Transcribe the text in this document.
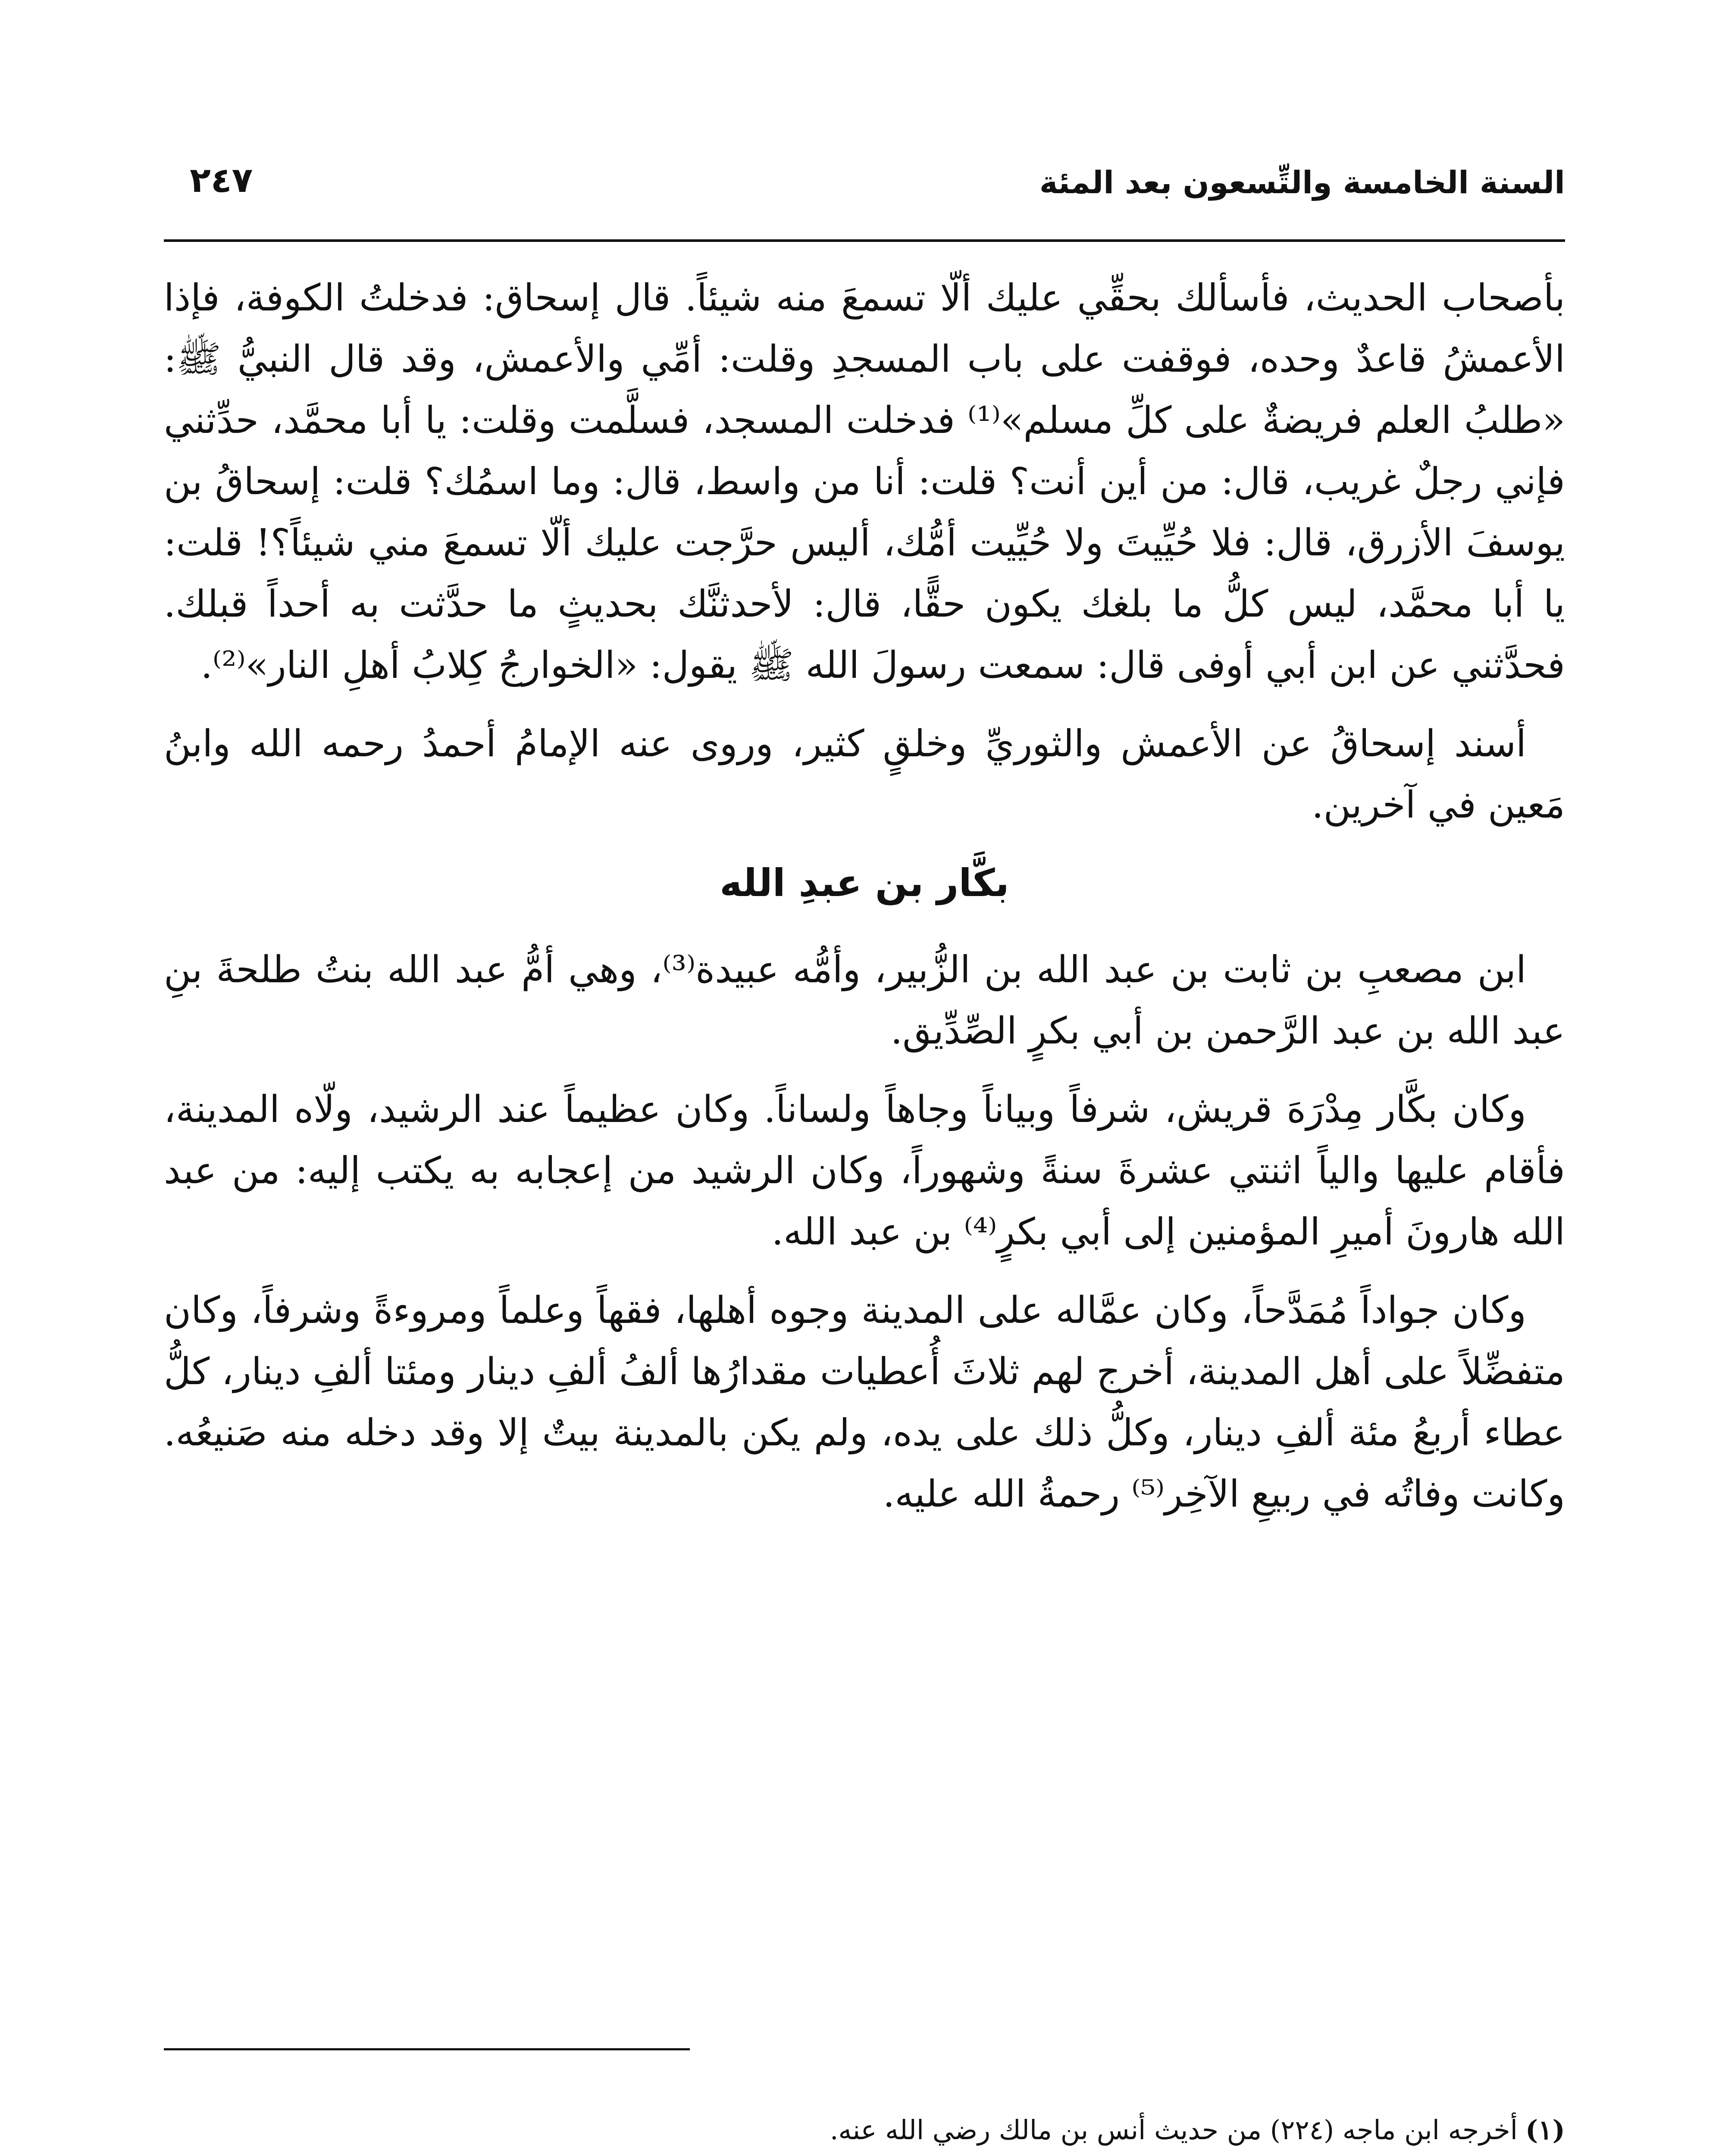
السنة الخامسة والتِّسعون بعد المئة
٢٤٧

بأصحاب الحديث، فأسألك بحقِّي عليك ألّا تسمعَ منه شيئاً. قال إسحاق: فدخلتُ الكوفة، فإذا الأعمشُ قاعدٌ وحده، فوقفت على باب المسجدِ وقلت: أمِّي والأعمش، وقد قال النبيُّ ﷺ: «طلبُ العلم فريضةٌ على كلِّ مسلم»⁽¹⁾ فدخلت المسجد، فسلَّمت وقلت: يا أبا محمَّد، حدِّثني فإني رجلٌ غريب، قال: من أين أنت؟ قلت: أنا من واسط، قال: وما اسمُك؟ قلت: إسحاقُ بن يوسفَ الأزرق، قال: فلا حُيِّيتَ ولا حُيِّيت أمُّك، أليس حرَّجت عليك ألّا تسمعَ مني شيئاً؟! قلت: يا أبا محمَّد، ليس كلُّ ما بلغك يكون حقًّا، قال: لأحدثنَّك بحديثٍ ما حدَّثت به أحداً قبلك. فحدَّثني عن ابن أبي أوفى قال: سمعت رسولَ الله ﷺ يقول: «الخوارجُ كِلابُ أهلِ النار»⁽²⁾.

أسند إسحاقُ عن الأعمش والثوريِّ وخلقٍ كثير، وروى عنه الإمامُ أحمدُ رحمه الله وابنُ مَعين في آخرين.

بكَّار بن عبدِ الله

ابن مصعبِ بن ثابت بن عبد الله بن الزُّبير، وأمُّه عبيدة⁽³⁾، وهي أمُّ عبد الله بنتُ طلحةَ بنِ عبد الله بن عبد الرَّحمن بن أبي بكرٍ الصِّدِّيق.

وكان بكَّار مِدْرَهَ قريش، شرفاً وبياناً وجاهاً ولساناً. وكان عظيماً عند الرشيد، ولّاه المدينة، فأقام عليها والياً اثنتي عشرةَ سنةً وشهوراً، وكان الرشيد من إعجابه به يكتب إليه: من عبد الله هارونَ أميرِ المؤمنين إلى أبي بكرٍ⁽⁴⁾ بن عبد الله.

وكان جواداً مُمَدَّحاً، وكان عمَّاله على المدينة وجوه أهلها، فقهاً وعلماً ومروءةً وشرفاً، وكان متفضِّلاً على أهل المدينة، أخرج لهم ثلاثَ أُعطيات مقدارُها ألفُ ألفِ دينار ومئتا ألفِ دينار، كلُّ عطاء أربعُ مئة ألفِ دينار، وكلُّ ذلك على يده، ولم يكن بالمدينة بيتٌ إلا وقد دخله منه صَنيعُه. وكانت وفاتُه في ربيعِ الآخِر⁽⁵⁾ رحمةُ الله عليه.

(١)أخرجه ابن ماجه (٢٢٤) من حديث أنس بن مالك رضي الله عنه.
